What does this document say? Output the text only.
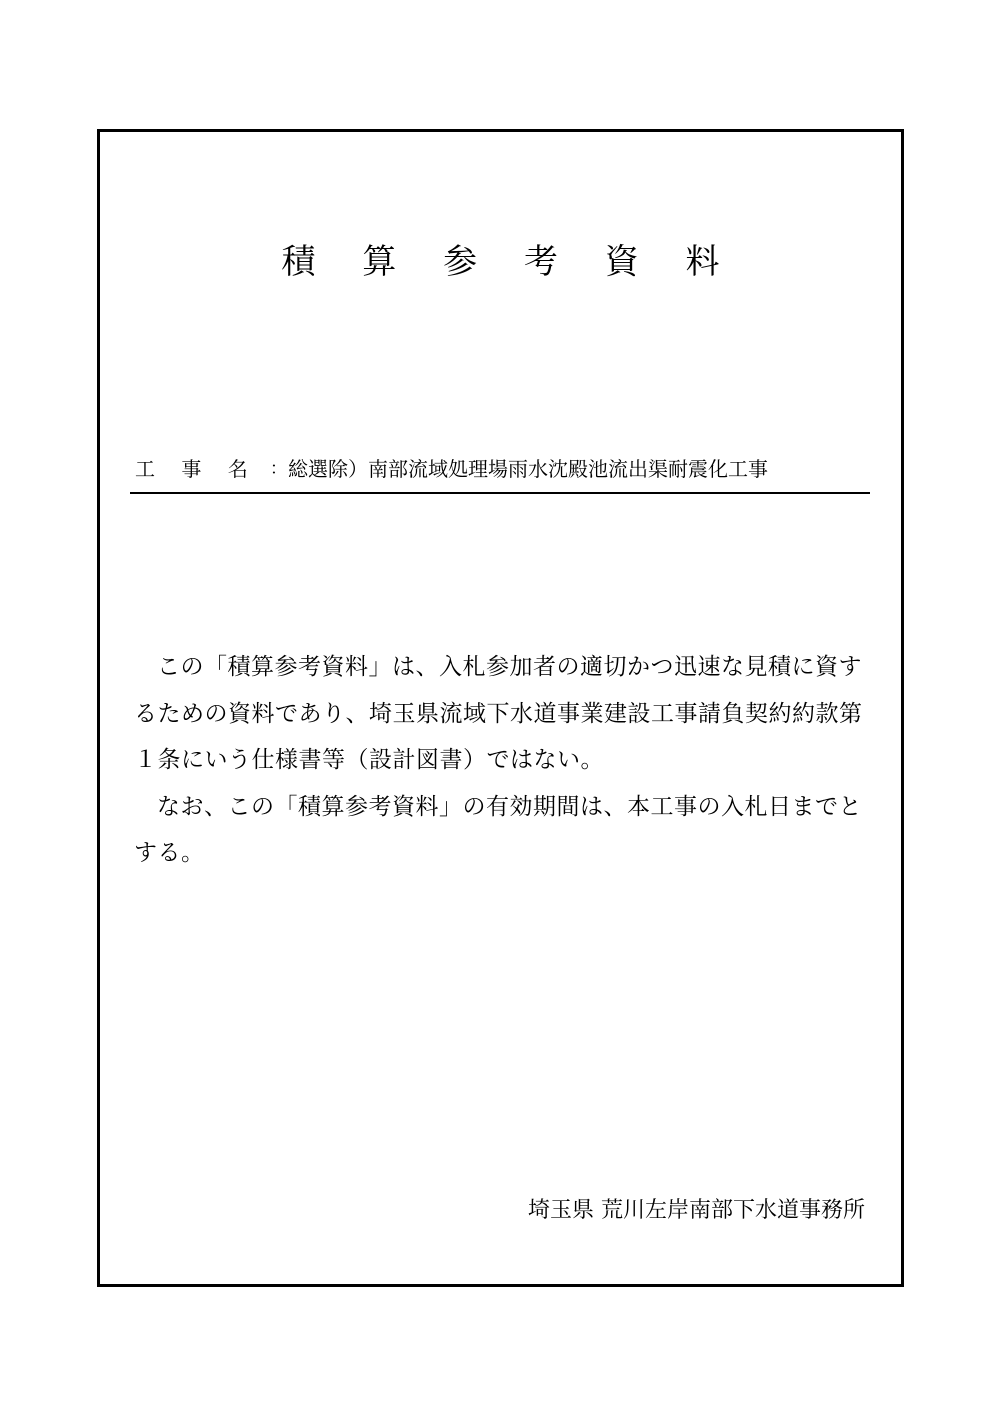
積 算 参 考 資 料
工 事 名 ： 総選除）南部流域処理場雨水沈殿池流出渠耐震化工事

この「積算参考資料」は、入札参加者の適切かつ迅速な見積に資するための資料であり、埼玉県流域下水道事業建設工事請負契約約款第１条にいう仕様書等（設計図書）ではない。

なお、この「積算参考資料」の有効期間は、本工事の入札日までとする。

埼玉県 荒川左岸南部下水道事務所
